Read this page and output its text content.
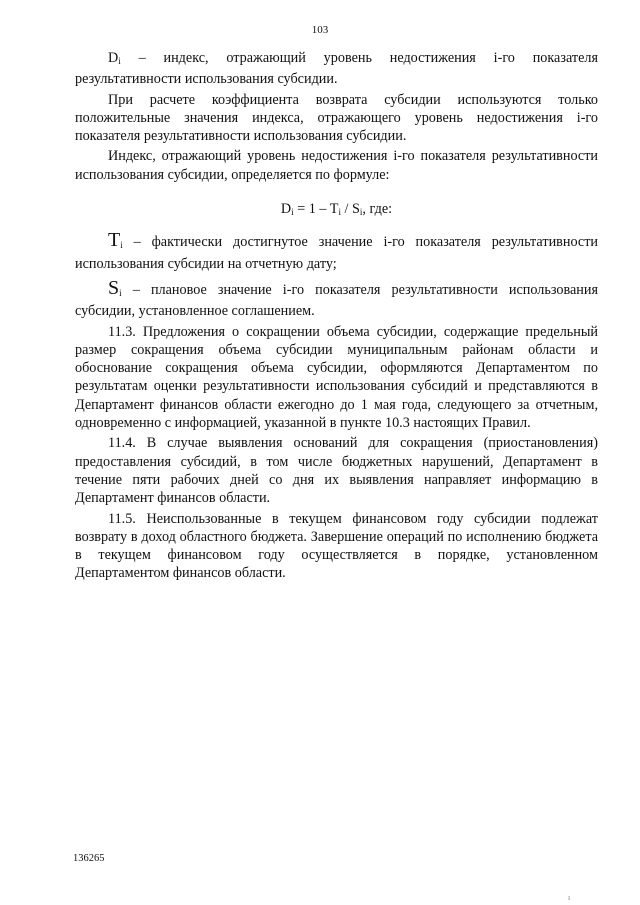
103

$D_i$ – индекс, отражающий уровень недостижения i-го показателя результативности использования субсидии.

При расчете коэффициента возврата субсидии используются только положительные значения индекса, отражающего уровень недостижения i-го показателя результативности использования субсидии.

Индекс, отражающий уровень недостижения i-го показателя результативности использования субсидии, определяется по формуле:

$D_i = 1 - T_i / S_i$, где:

$T_i$ – фактически достигнутое значение i-го показателя результативности использования субсидии на отчетную дату;

$S_i$ – плановое значение i-го показателя результативности использования субсидии, установленное соглашением.

11.3. Предложения о сокращении объема субсидии, содержащие предельный размер сокращения объема субсидии муниципальным районам области и обоснование сокращения объема субсидии, оформляются Департаментом по результатам оценки результативности использования субсидий и представляются в Департамент финансов области ежегодно до 1 мая года, следующего за отчетным, одновременно с информацией, указанной в пункте 10.3 настоящих Правил.

11.4. В случае выявления оснований для сокращения (приостановления) предоставления субсидий, в том числе бюджетных нарушений, Департамент в течение пяти рабочих дней со дня их выявления направляет информацию в Департамент финансов области.

11.5. Неиспользованные в текущем финансовом году субсидии подлежат возврату в доход областного бюджета. Завершение операций по исполнению бюджета в текущем финансовом году осуществляется в порядке, установленном Департаментом финансов области.

136265
ı
